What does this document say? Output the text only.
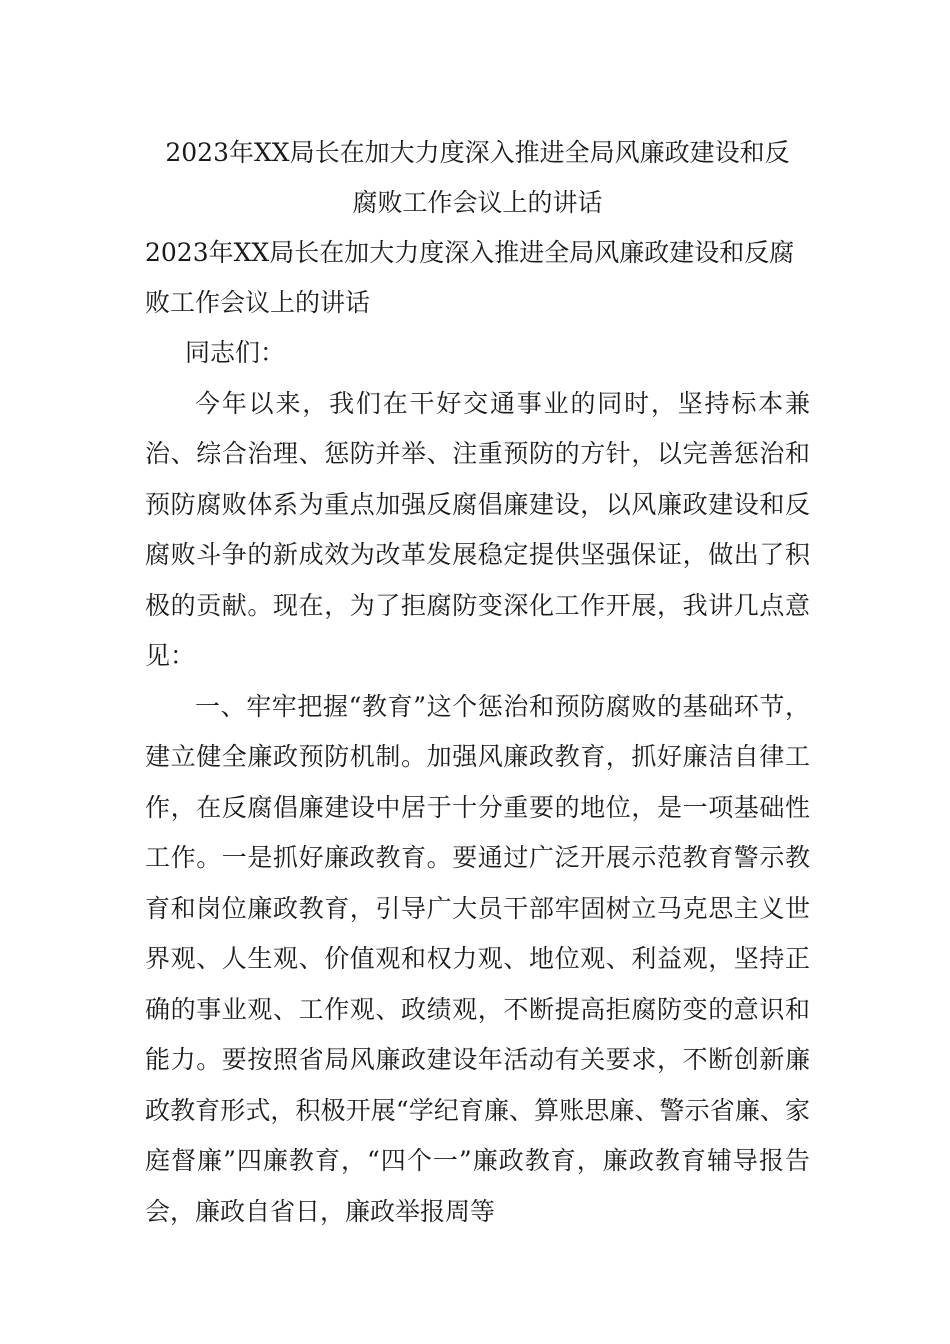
2023年XX局长在加大力度深入推进全局风廉政建设和反
腐败工作会议上的讲话

2023年XX局长在加大力度深入推进全局风廉政建设和反腐败工作会议上的讲话

同志们：

今年以来，我们在干好交通事业的同时，坚持标本兼治、综合治理、惩防并举、注重预防的方针，以完善惩治和预防腐败体系为重点加强反腐倡廉建设，以风廉政建设和反腐败斗争的新成效为改革发展稳定提供坚强保证，做出了积极的贡献。现在，为了拒腐防变深化工作开展，我讲几点意见：

一、牢牢把握“教育”这个惩治和预防腐败的基础环节，建立健全廉政预防机制。加强风廉政教育，抓好廉洁自律工作，在反腐倡廉建设中居于十分重要的地位，是一项基础性工作。一是抓好廉政教育。要通过广泛开展示范教育警示教育和岗位廉政教育，引导广大员干部牢固树立马克思主义世界观、人生观、价值观和权力观、地位观、利益观，坚持正确的事业观、工作观、政绩观，不断提高拒腐防变的意识和能力。要按照省局风廉政建设年活动有关要求，不断创新廉政教育形式，积极开展“学纪育廉、算账思廉、警示省廉、家庭督廉”四廉教育，“四个一”廉政教育，廉政教育辅导报告会，廉政自省日，廉政举报周等
